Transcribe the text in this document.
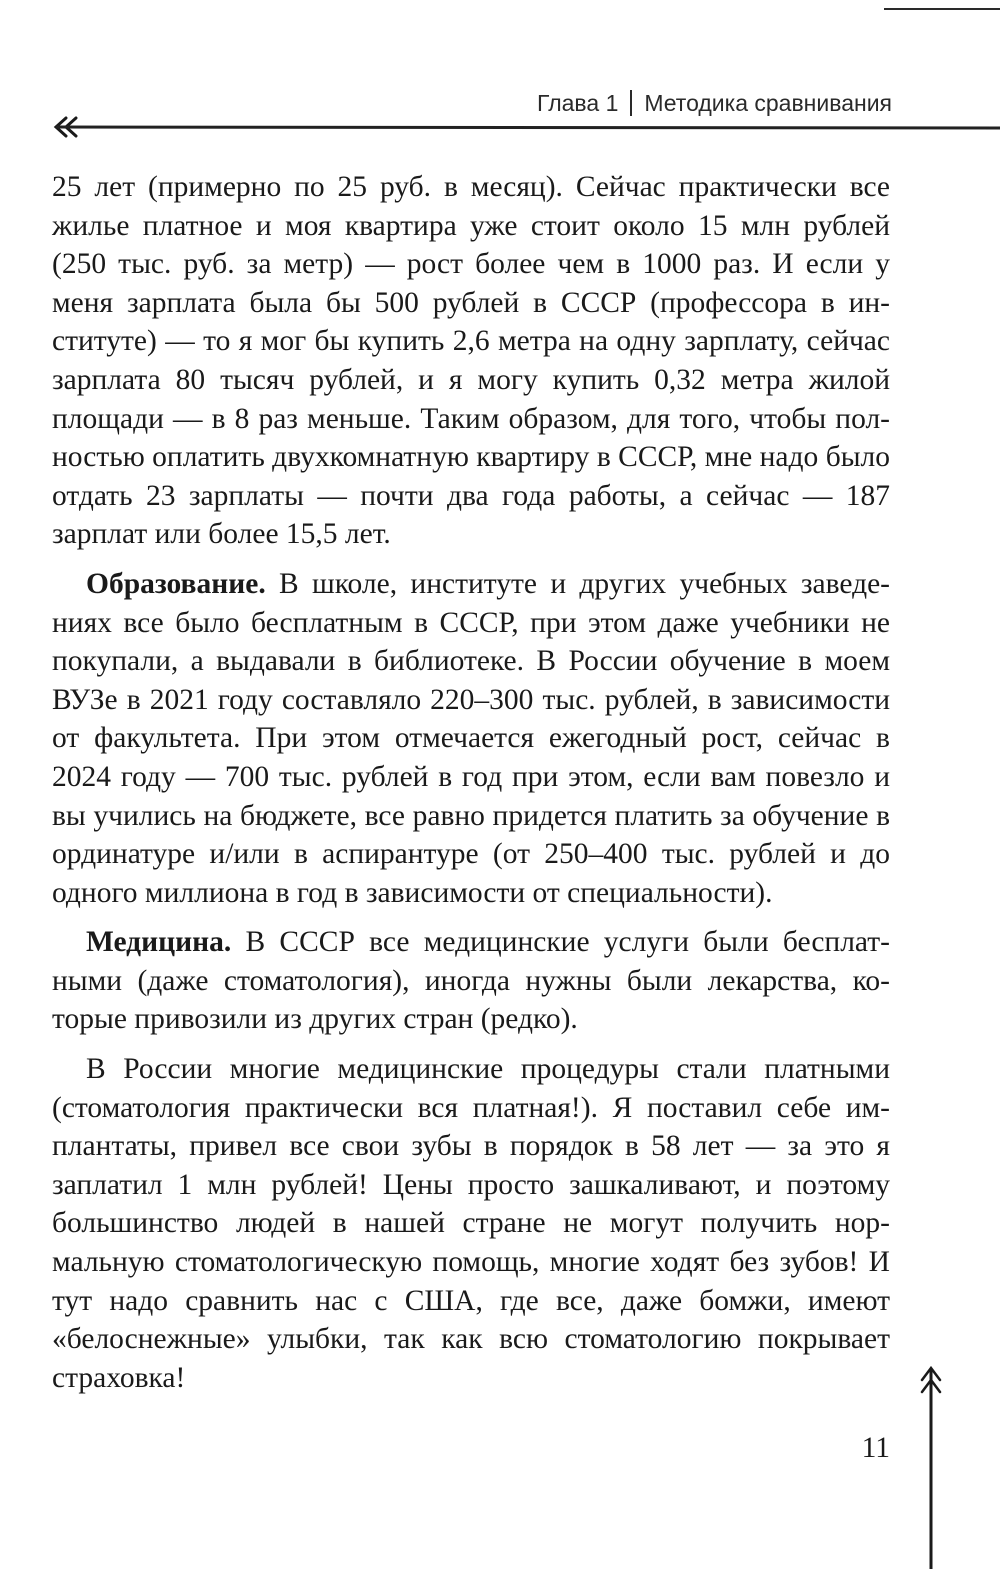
Глава 1 Методика сравнивания

25 лет (примерно по 25 руб. в месяц). Сейчас практически все жилье платное и моя квартира уже стоит около 15 млн рублей (250 тыс. руб. за метр) — рост более чем в 1000 раз. И если у меня зарплата была бы 500 рублей в СССР (профессора в институте) — то я мог бы купить 2,6 метра на одну зарплату, сейчас зарплата 80 тысяч рублей, и я могу купить 0,32 метра жилой площади — в 8 раз меньше. Таким образом, для того, чтобы полностью оплатить двухкомнатную квартиру в СССР, мне надо было отдать 23 зарплаты — почти два года работы, а сейчас — 187 зарплат или более 15,5 лет.

Образование. В школе, институте и других учебных заведениях все было бесплатным в СССР, при этом даже учебники не покупали, а выдавали в библиотеке. В России обучение в моем ВУЗе в 2021 году составляло 220–300 тыс. рублей, в зависимости от факультета. При этом отмечается ежегодный рост, сейчас в 2024 году — 700 тыс. рублей в год при этом, если вам повезло и вы учились на бюджете, все равно придется платить за обучение в ординатуре и/или в аспирантуре (от 250–400 тыс. рублей и до одного миллиона в год в зависимости от специальности).

Медицина. В СССР все медицинские услуги были бесплатными (даже стоматология), иногда нужны были лекарства, которые привозили из других стран (редко).

В России многие медицинские процедуры стали платными (стоматология практически вся платная!). Я поставил себе имплантаты, привел все свои зубы в порядок в 58 лет — за это я заплатил 1 млн рублей! Цены просто зашкаливают, и поэтому большинство людей в нашей стране не могут получить нормальную стоматологическую помощь, многие ходят без зубов! И тут надо сравнить нас с США, где все, даже бомжи, имеют «белоснежные» улыбки, так как всю стоматологию покрывает страховка!

11
